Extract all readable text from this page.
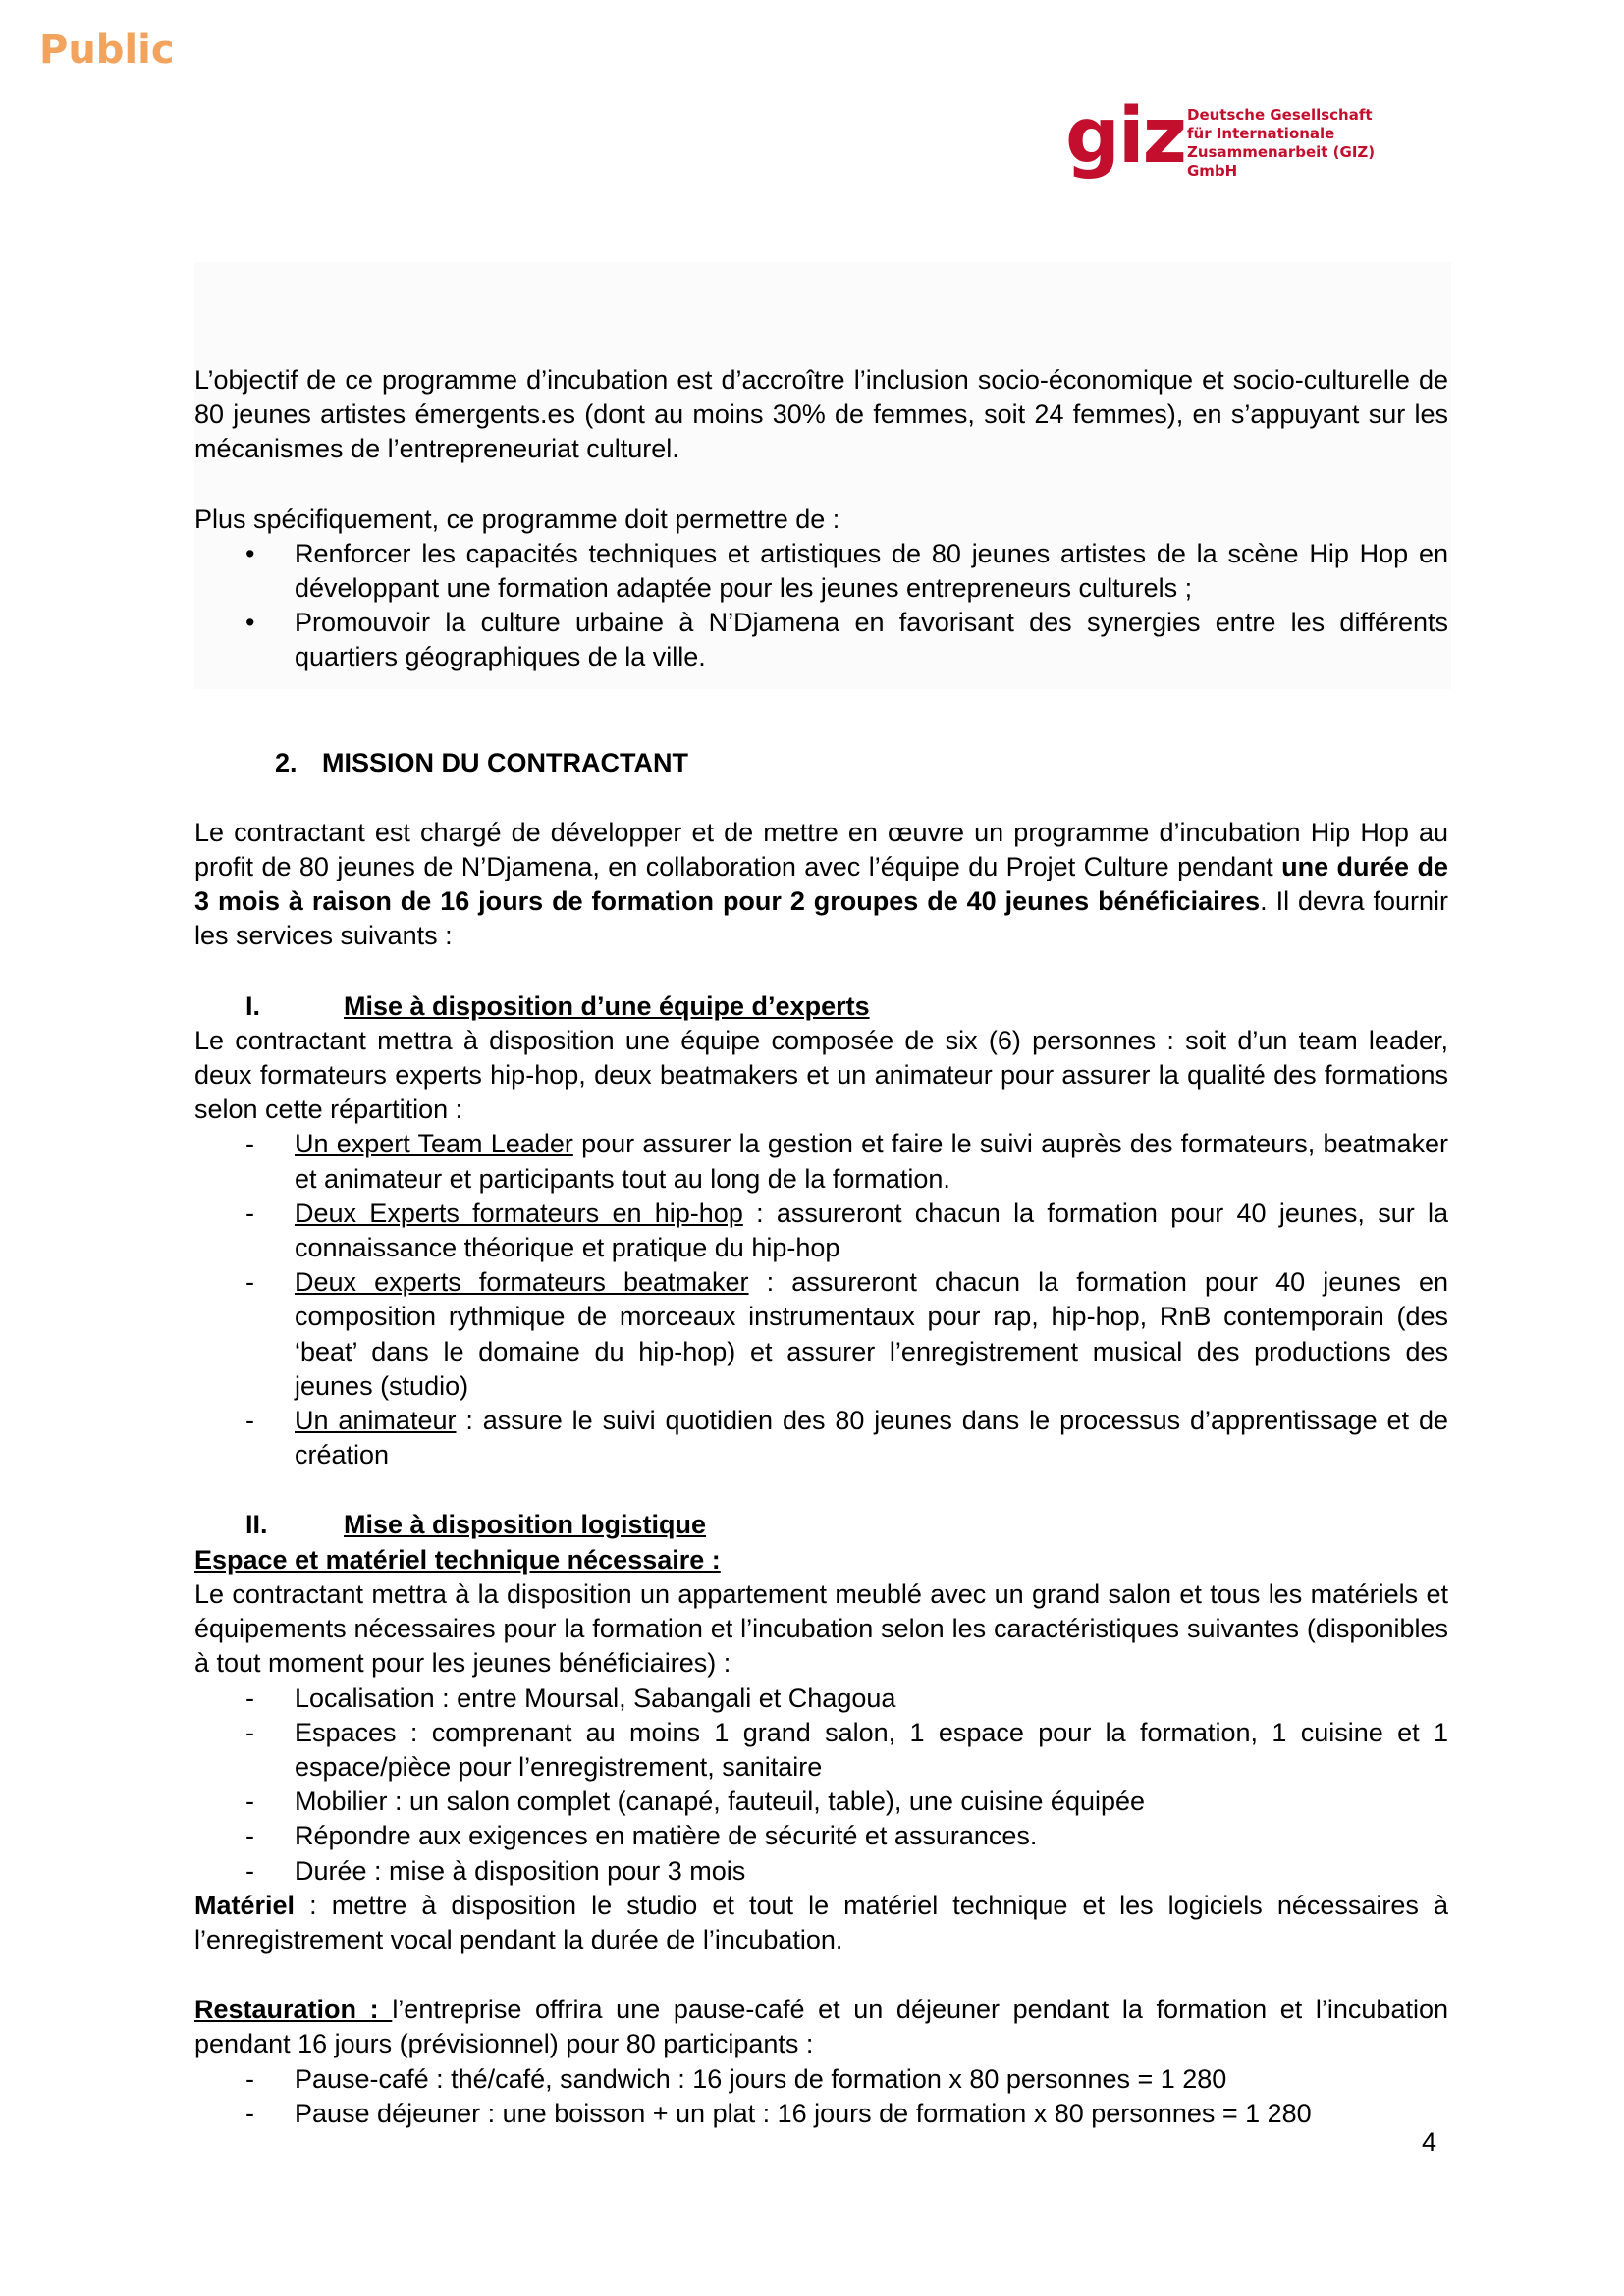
Public
giz Deutsche Gesellschaft
für Internationale
Zusammenarbeit (GIZ) GmbH

L’objectif de ce programme d’incubation est d’accroître l’inclusion socio-économique et socio-culturelle de 80 jeunes artistes émergents.es (dont au moins 30% de femmes, soit 24 femmes), en s’appuyant sur les mécanismes de l’entrepreneuriat culturel.

Plus spécifiquement, ce programme doit permettre de :

• Renforcer les capacités techniques et artistiques de 80 jeunes artistes de la scène Hip Hop en développant une formation adaptée pour les jeunes entrepreneurs culturels ;
• Promouvoir la culture urbaine à N’Djamena en favorisant des synergies entre les différents quartiers géographiques de la ville.

2. MISSION DU CONTRACTANT

Le contractant est chargé de développer et de mettre en œuvre un programme d’incubation Hip Hop au profit de 80 jeunes de N’Djamena, en collaboration avec l’équipe du Projet Culture pendant une durée de 3 mois à raison de 16 jours de formation pour 2 groupes de 40 jeunes bénéficiaires. Il devra fournir les services suivants :

I.	Mise à disposition d’une équipe d’experts

Le contractant mettra à disposition une équipe composée de six (6) personnes : soit d’un team leader, deux formateurs experts hip-hop, deux beatmakers et un animateur pour assurer la qualité des formations selon cette répartition :

- Un expert Team Leader pour assurer la gestion et faire le suivi auprès des formateurs, beatmaker et animateur et participants tout au long de la formation.
- Deux Experts formateurs en hip-hop : assureront chacun la formation pour 40 jeunes, sur la connaissance théorique et pratique du hip-hop
- Deux experts formateurs beatmaker : assureront chacun la formation pour 40 jeunes en composition rythmique de morceaux instrumentaux pour rap, hip-hop, RnB contemporain (des ‘beat’ dans le domaine du hip-hop) et assurer l’enregistrement musical des productions des jeunes (studio)
- Un animateur : assure le suivi quotidien des 80 jeunes dans le processus d’apprentissage et de création

II.	Mise à disposition logistique

Espace et matériel technique nécessaire :

Le contractant mettra à la disposition un appartement meublé avec un grand salon et tous les matériels et équipements nécessaires pour la formation et l’incubation selon les caractéristiques suivantes (disponibles à tout moment pour les jeunes bénéficiaires) :

- Localisation : entre Moursal, Sabangali et Chagoua
- Espaces : comprenant au moins 1 grand salon, 1 espace pour la formation, 1 cuisine et 1 espace/pièce pour l’enregistrement, sanitaire
- Mobilier : un salon complet (canapé, fauteuil, table), une cuisine équipée
- Répondre aux exigences en matière de sécurité et assurances.
- Durée : mise à disposition pour 3 mois

Matériel : mettre à disposition le studio et tout le matériel technique et les logiciels nécessaires à l’enregistrement vocal pendant la durée de l’incubation.

Restauration : l’entreprise offrira une pause-café et un déjeuner pendant la formation et l’incubation pendant 16 jours (prévisionnel) pour 80 participants :

- Pause-café : thé/café, sandwich : 16 jours de formation x 80 personnes = 1 280
- Pause déjeuner : une boisson + un plat : 16 jours de formation x 80 personnes = 1 280
4
